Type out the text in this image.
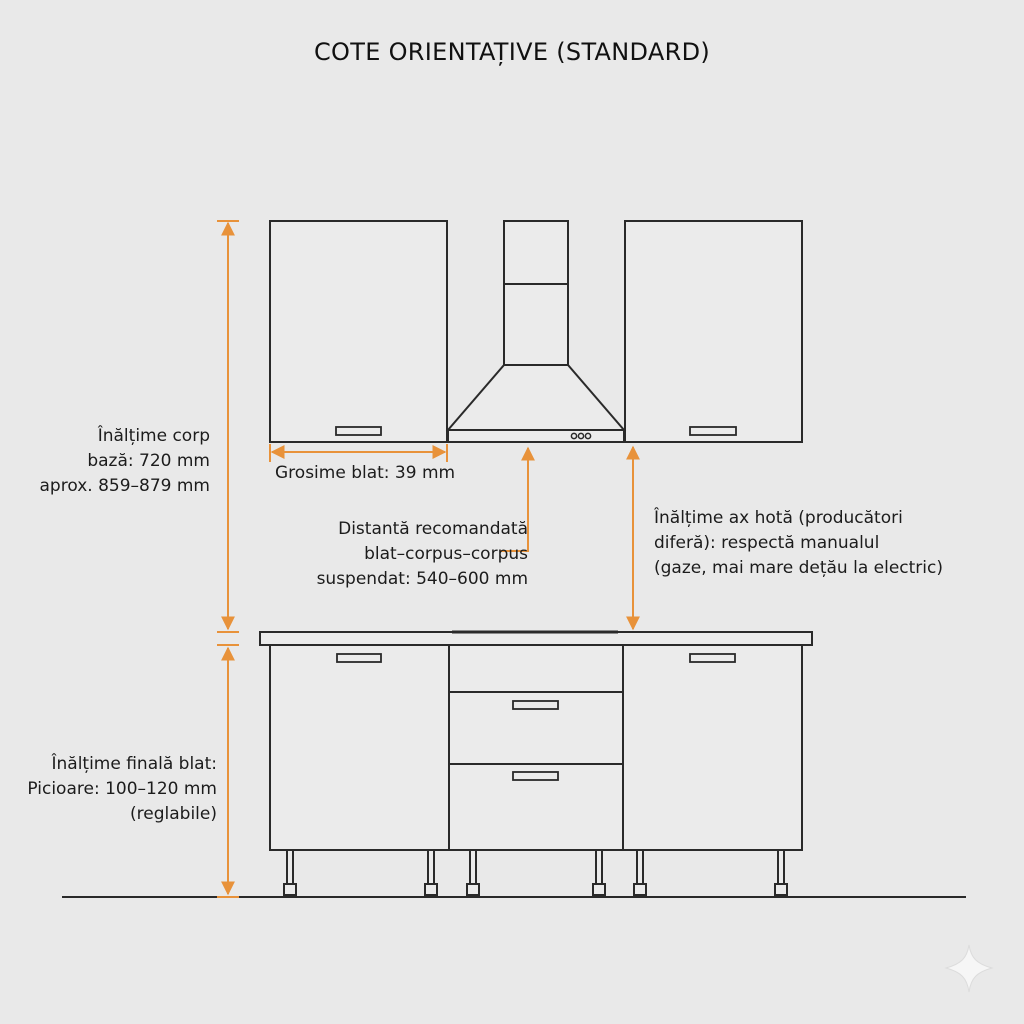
COTE ORIENTAȚIVE (STANDARD)
Înălțime corp
bază: 720 mm
aprox. 859–879 mm
Grosime blat: 39 mm
Distantă recomandată
blat–corpus–corpus
suspendat: 540–600 mm
Înălțime ax hotă (producători
diferă): respectă manualul
(gaze, mai mare dețău la electric)
Înălțime finală blat:
Picioare: 100–120 mm
(reglabile)
